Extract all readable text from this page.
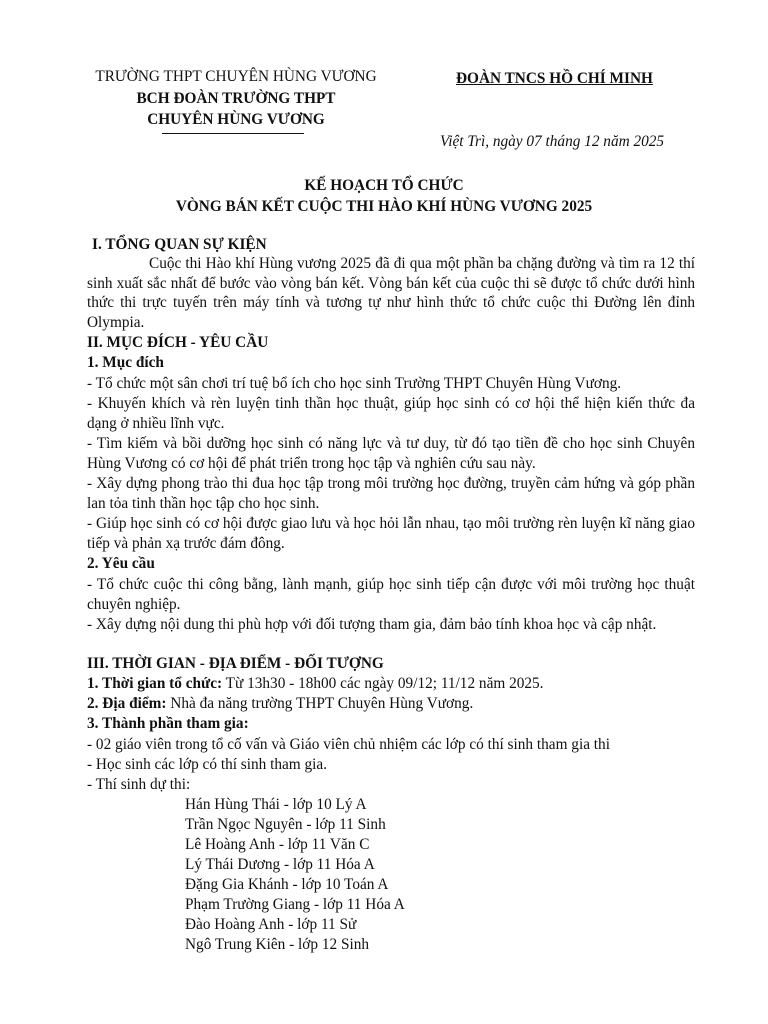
TRƯỜNG THPT CHUYÊN HÙNG VƯƠNG
BCH ĐOÀN TRƯỜNG THPT
CHUYÊN HÙNG VƯƠNG
ĐOÀN TNCS HỒ CHÍ MINH
Việt Trì, ngày 07 tháng 12 năm 2025
KẾ HOẠCH TỔ CHỨC
VÒNG BÁN KẾT CUỘC THI HÀO KHÍ HÙNG VƯƠNG 2025
I. TỔNG QUAN SỰ KIỆN
Cuộc thi Hào khí Hùng vương 2025 đã đi qua một phần ba chặng đường và tìm ra 12 thí sinh xuất sắc nhất để bước vào vòng bán kết. Vòng bán kết của cuộc thi sẽ được tổ chức dưới hình thức thi trực tuyến trên máy tính và tương tự như hình thức tổ chức cuộc thi Đường lên đỉnh Olympia.
II. MỤC ĐÍCH - YÊU CẦU
1. Mục đích
- Tổ chức một sân chơi trí tuệ bổ ích cho học sinh Trường THPT Chuyên Hùng Vương.
- Khuyến khích và rèn luyện tinh thần học thuật, giúp học sinh có cơ hội thể hiện kiến thức đa dạng ở nhiều lĩnh vực.
- Tìm kiếm và bồi dưỡng học sinh có năng lực và tư duy, từ đó tạo tiền đề cho học sinh Chuyên Hùng Vương có cơ hội để phát triển trong học tập và nghiên cứu sau này.
- Xây dựng phong trào thi đua học tập trong môi trường học đường, truyền cảm hứng và góp phần lan tỏa tinh thần học tập cho học sinh.
- Giúp học sinh có cơ hội được giao lưu và học hỏi lẫn nhau, tạo môi trường rèn luyện kĩ năng giao tiếp và phản xạ trước đám đông.
2. Yêu cầu
- Tổ chức cuộc thi công bằng, lành mạnh, giúp học sinh tiếp cận được với môi trường học thuật chuyên nghiệp.
- Xây dựng nội dung thi phù hợp với đối tượng tham gia, đảm bảo tính khoa học và cập nhật.
III. THỜI GIAN - ĐỊA ĐIỂM - ĐỐI TƯỢNG
1. Thời gian tổ chức: Từ 13h30 - 18h00 các ngày 09/12; 11/12 năm 2025.
2. Địa điểm: Nhà đa năng trường THPT Chuyên Hùng Vương.
3. Thành phần tham gia:
- 02 giáo viên trong tổ cố vấn và Giáo viên chủ nhiệm các lớp có thí sinh tham gia thi
- Học sinh các lớp có thí sinh tham gia.
- Thí sinh dự thi:
Hán Hùng Thái - lớp 10 Lý A
Trần Ngọc Nguyên - lớp 11 Sinh
Lê Hoàng Anh - lớp 11 Văn C
Lý Thái Dương - lớp 11 Hóa A
Đặng Gia Khánh - lớp 10 Toán A
Phạm Trường Giang - lớp 11 Hóa A
Đào Hoàng Anh - lớp 11 Sử
Ngô Trung Kiên - lớp 12 Sinh
